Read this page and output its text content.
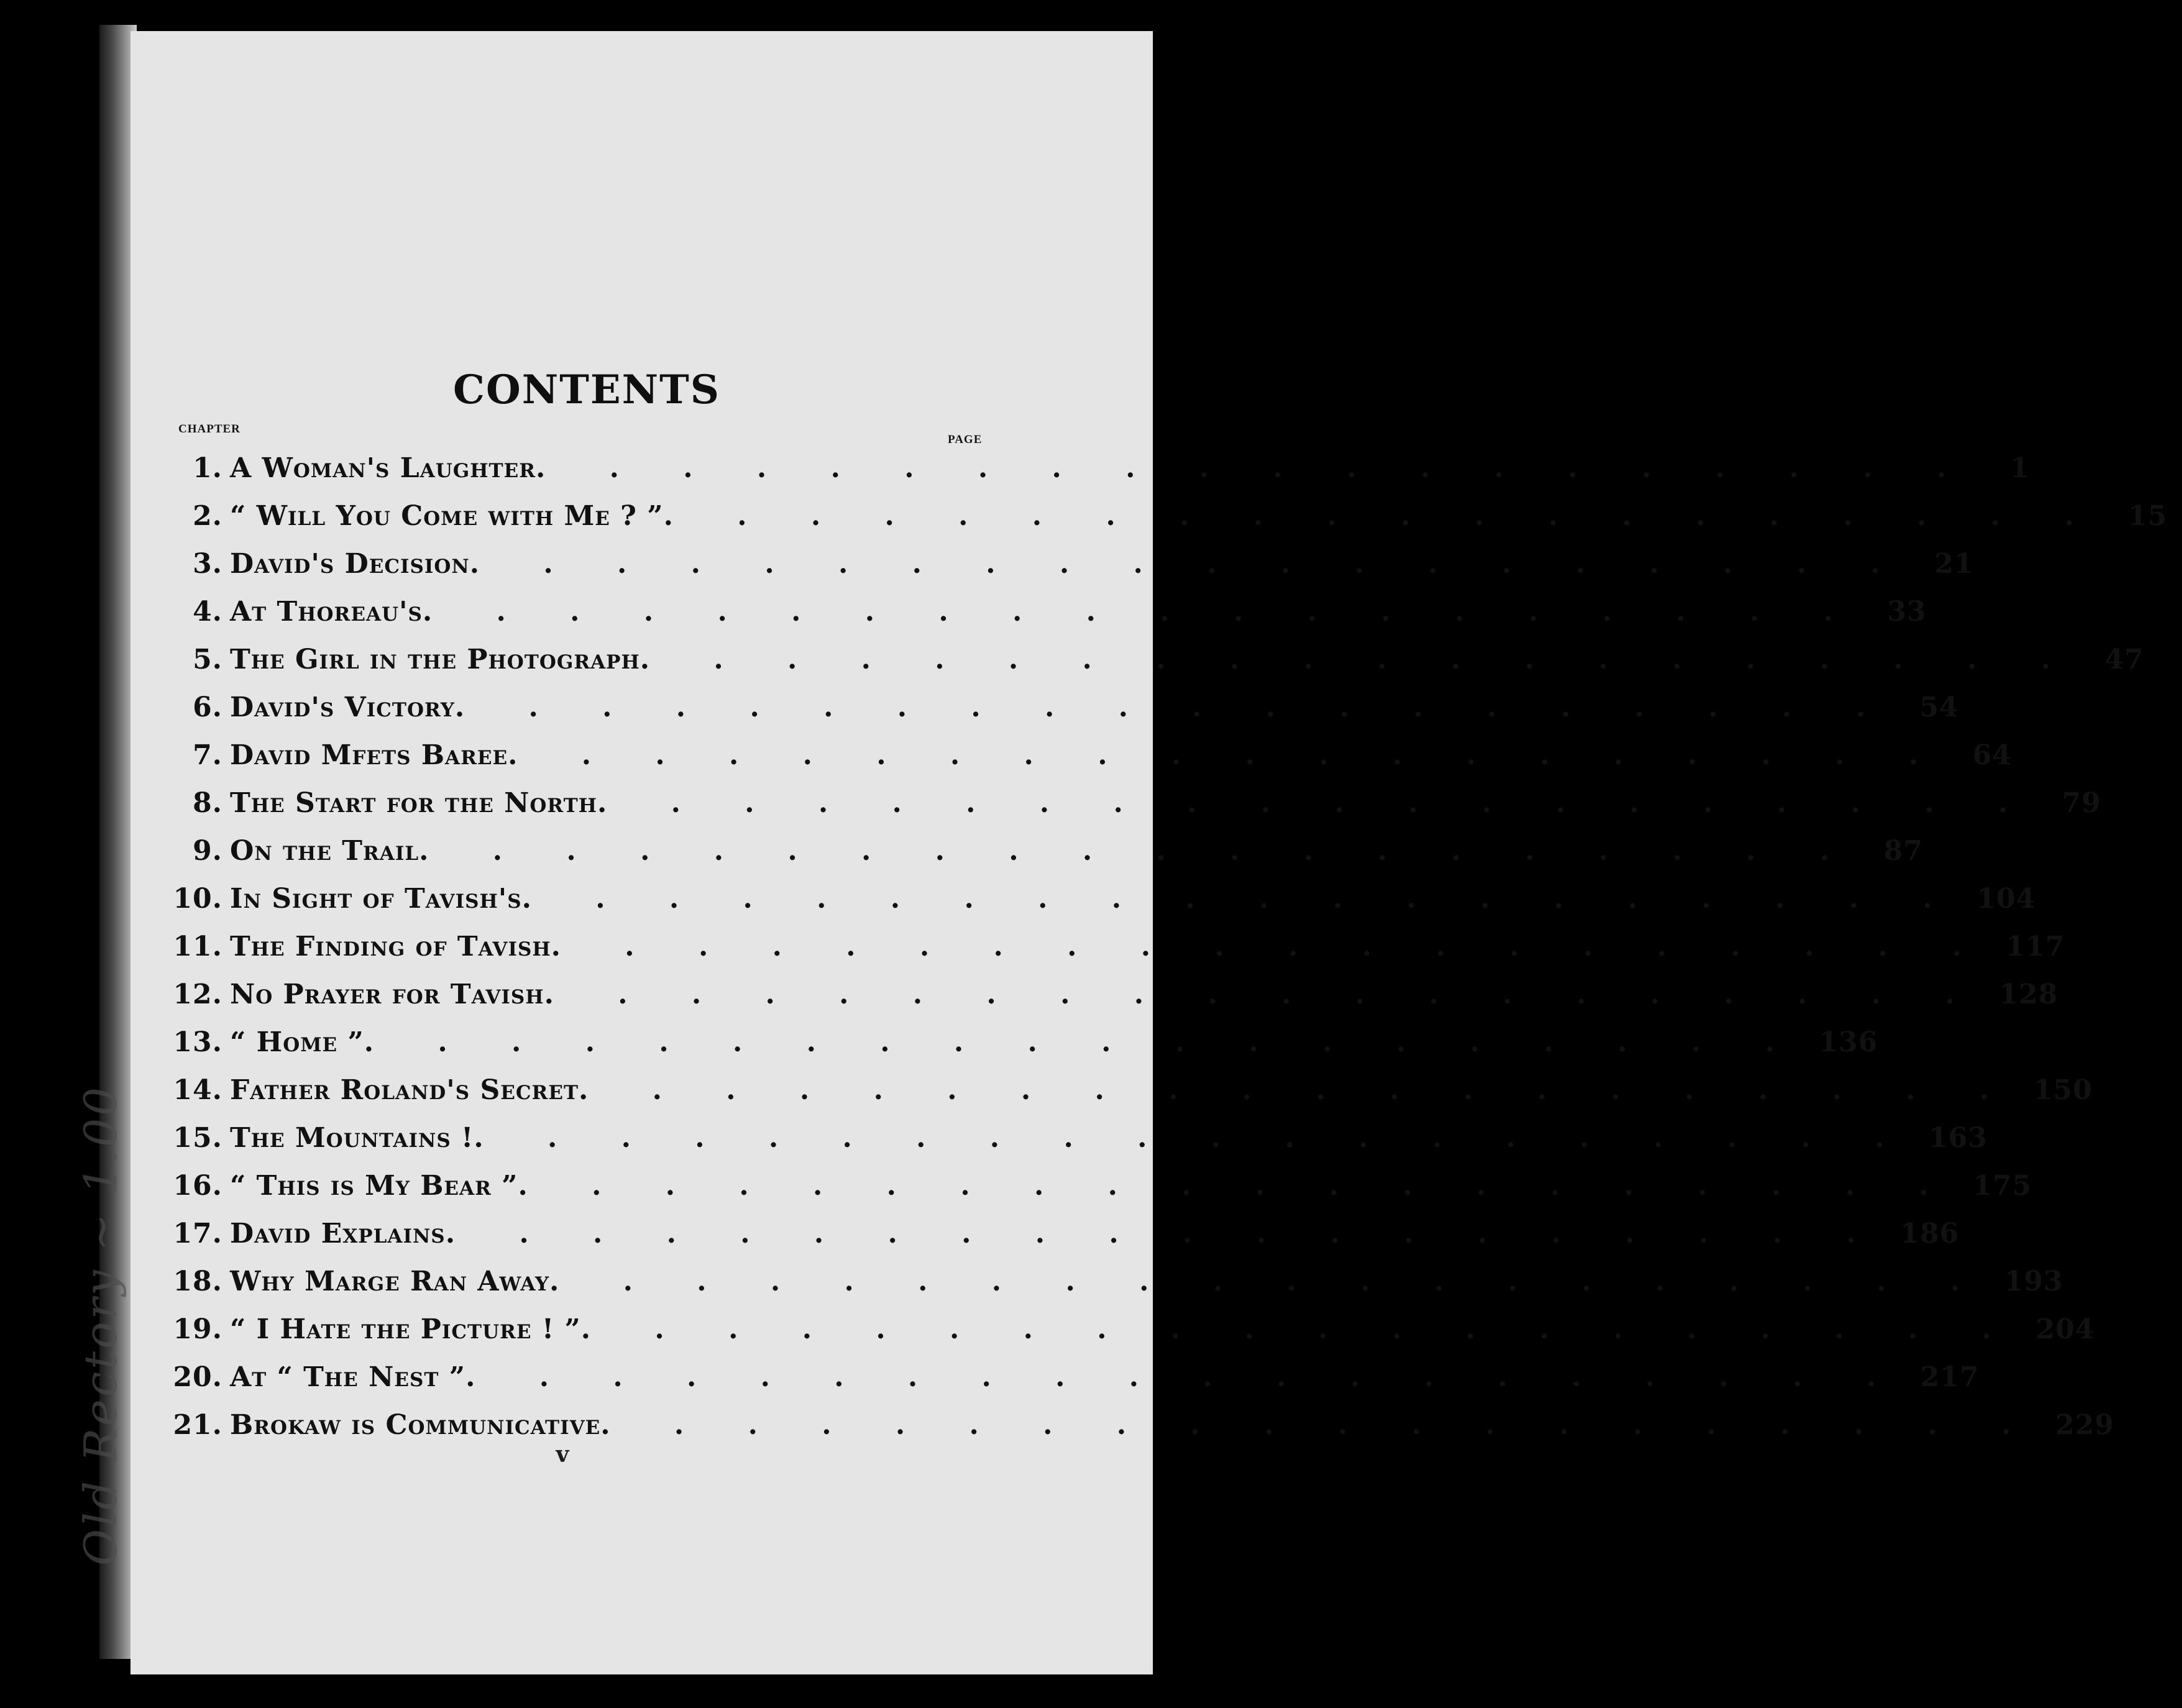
Old Rectory ~ 1.00
CONTENTS
CHAPTER
PAGE
1. A Woman's Laughter . . . . . . . . . . . . . . . . . . . .	1
2. “ Will You Come with Me ? ” . . . . . . . . . . . . . . . . . . . . 15
3. David's Decision . . . . . . . . . . . . . . . . . . . . 21
4. At Thoreau's . . . . . . . . . . . . . . . . . . . . 33
5. The Girl in the Photograph . . . . . . . . . . . . . . . . . . . . 47
6. David's Victory . . . . . . . . . . . . . . . . . . . . 54
7. David Mfets Baree . . . . . . . . . . . . . . . . . . . . 64
8. The Start for the North . . . . . . . . . . . . . . . . . . . . 79
9. On the Trail . . . . . . . . . . . . . . . . . . . . 87
10. In Sight of Tavish's . . . . . . . . . . . . . . . . . . . . 104
11. The Finding of Tavish . . . . . . . . . . . . . . . . . . . . 117
12. No Prayer for Tavish . . . . . . . . . . . . . . . . . . . . 128
13. “ Home ” . . . . . . . . . . . . . . . . . . . . 136
14. Father Roland's Secret . . . . . . . . . . . . . . . . . . . . 150
15. The Mountains ! . . . . . . . . . . . . . . . . . . . . 163
16. “ This is My Bear ” . . . . . . . . . . . . . . . . . . . . 175
17. David Explains . . . . . . . . . . . . . . . . . . . . 186
18. Why Marge Ran Away . . . . . . . . . . . . . . . . . . . . 193
19. “ I Hate the Picture ! ” . . . . . . . . . . . . . . . . . . . . 204
20. At “ The Nest ” . . . . . . . . . . . . . . . . . . . . 217
21. Brokaw is Communicative . . . . . . . . . . . . . . . . . . . . 229
v
